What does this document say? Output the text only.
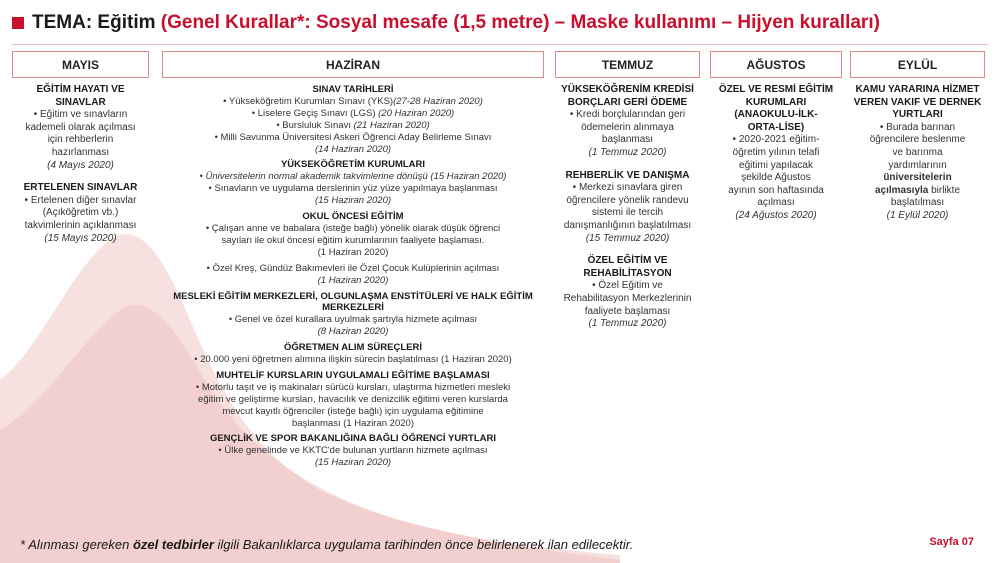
TEMA: Eğitim (Genel Kurallar*: Sosyal mesafe (1,5 metre) – Maske kullanımı – Hijyen kuralları)
MAYIS
EĞİTİM HAYATI VE
SINAVLAR
• Eğitim ve sınavların
kademeli olarak açılması
için rehberlerin
hazırlanması
(4 Mayıs 2020)
ERTELENEN SINAVLAR
• Ertelenen diğer sınavlar
(Açıköğretim vb.)
takvimlerinin açıklanması
(15 Mayıs 2020)
HAZİRAN
SINAV TARİHLERİ
• Yükseköğretim Kurumları Sınavı (YKS)(27-28 Haziran 2020)
• Liselere Geçiş Sınavı (LGS) (20 Haziran 2020)
• Bursluluk Sınavı (21 Haziran 2020)
• Milli Savunma Üniversitesi Askeri Öğrenci Aday Belirleme Sınavı
(14 Haziran 2020)
YÜKSEKÖĞRETİM KURUMLARI
• Üniversitelerin normal akademik takvimlerine dönüşü (15 Haziran 2020)
• Sınavların ve uygulama derslerinin yüz yüze yapılmaya başlanması
(15 Haziran 2020)
OKUL ÖNCESİ EĞİTİM
• Çalışan anne ve babalara (isteğe bağlı) yönelik olarak düşük öğrenci
sayıları ile okul öncesi eğitim kurumlarının faaliyete başlaması.
(1 Haziran 2020)
• Özel Kreş, Gündüz Bakımevleri ile Özel Çocuk Kulüplerinin açılması
(1 Haziran 2020)
MESLEKİ EĞİTİM MERKEZLERİ, OLGUNLAŞMA ENSTİTÜLERİ VE HALK EĞİTİM
MERKEZLERİ
• Genel ve özel kurallara uyulmak şartıyla hizmete açılması
(8 Haziran 2020)
ÖĞRETMEN ALIM SÜREÇLERİ
• 20.000 yeni öğretmen alımına ilişkin sürecin başlatılması (1 Haziran 2020)
MUHTELİF KURSLARIN UYGULAMALI EĞİTİME BAŞLAMASI
• Motorlu taşıt ve iş makinaları sürücü kursları, ulaştırma hizmetleri mesleki
eğitim ve geliştirme kursları, havacılık ve denizcilik eğitimi veren kurslarda
mevcut kayıtlı öğrenciler (isteğe bağlı) için uygulama eğitimine
başlanması (1 Haziran 2020)
GENÇLİK VE SPOR BAKANLIĞINA BAĞLI ÖĞRENCİ YURTLARI
• Ülke genelinde ve KKTC'de bulunan yurtların hizmete açılması
(15 Haziran 2020)
TEMMUZ
YÜKSEKÖĞRENİM KREDİSİ
BORÇLARI GERİ ÖDEME
• Kredi borçlularından geri
ödemelerin alınmaya
başlanması
(1 Temmuz 2020)
REHBERLİK VE DANIŞMA
• Merkezi sınavlara giren
öğrencilere yönelik randevu
sistemi ile tercih
danışmanlığının başlatılması
(15 Temmuz 2020)
ÖZEL EĞİTİM VE
REHABİLİTASYON
• Özel Eğitim ve
Rehabilitasyon Merkezlerinin
faaliyete başlaması
(1 Temmuz 2020)
AĞUSTOS
ÖZEL VE RESMİ EĞİTİM
KURUMLARI
(ANAOKULU-İLK-
ORTA-LİSE)
• 2020-2021 eğitim-
öğretim yılının telafi
eğitimi yapılacak
şekilde Ağustos
ayının son haftasında
açılması
(24 Ağustos 2020)
EYLÜL
KAMU YARARINA HİZMET
VEREN VAKIF VE DERNEK
YURTLARI
• Burada barınan
öğrencilere beslenme
ve barınma
yardımlarının
üniversitelerin
açılmasıyla birlikte
başlatılması
(1 Eylül 2020)
* Alınması gereken özel tedbirler ilgili Bakanlıklarca uygulama tarihinden önce belirlenerek ilan edilecektir.	Sayfa 07
